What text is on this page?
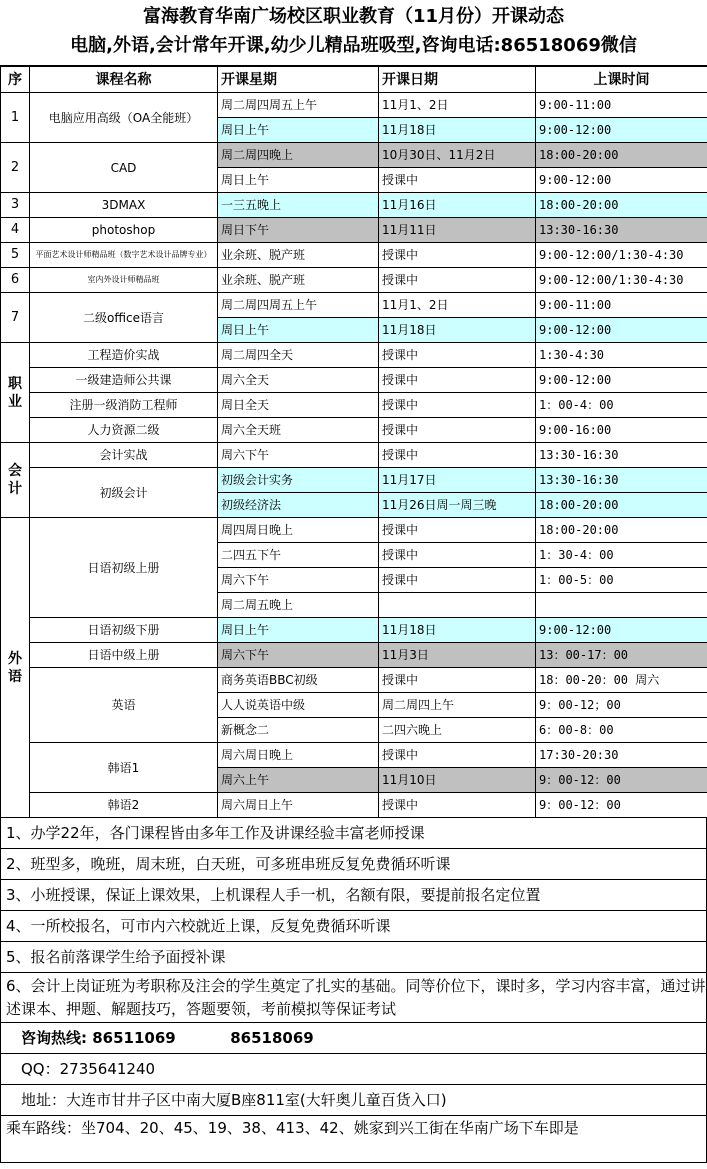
富海教育华南广场校区职业教育（11月份）开课动态
电脑,外语,会计常年开课,幼少儿精品班吸型,咨询电话:86518069微信
序	课程名称	开课星期	开课日期	上课时间
1	电脑应用高级（OA全能班）	周二周四周五上午	11月1、2日	9:00-11:00
		周日上午	11月18日	9:00-12:00
2	CAD	周二周四晚上	10月30日、11月2日	18:00-20:00
		周日上午	授课中	9:00-12:00
3	3DMAX	一三五晚上	11月16日	18:00-20:00
4	photoshop	周日下午	11月11日	13:30-16:30
5	平面艺术设计师精品班（数字艺术设计品牌专业）	业余班、脱产班	授课中	9:00-12:00/1:30-4:30
6	室内外设计师精品班	业余班、脱产班	授课中	9:00-12:00/1:30-4:30
7	二级office语言	周二周四周五上午	11月1、2日	9:00-11:00
		周日上午	11月18日	9:00-12:00
职
业	工程造价实战	周二周四全天	授课中	1:30-4:30
	一级建造师公共课	周六全天	授课中	9:00-12:00
	注册一级消防工程师	周日全天	授课中	1：00-4：00
	人力资源二级	周六全天班	授课中	9:00-16:00
会
计	会计实战	周六下午	授课中	13:30-16:30
	初级会计	初级会计实务	11月17日	13:30-16:30
		初级经济法	11月26日周一周三晚	18:00-20:00
外
语	日语初级上册	周四周日晚上	授课中	18:00-20:00
		二四五下午	授课中	1：30-4：00
		周六下午	授课中	1：00-5：00
		周二周五晚上		
	日语初级下册	周日上午	11月18日	9:00-12:00
	日语中级上册	周六下午	11月3日	13：00-17：00
	英语	商务英语BBC初级	授课中	18：00-20：00 周六
		人人说英语中级	周二周四上午	9：00-12；00
		新概念二	二四六晚上	6：00-8：00
	韩语1	周六周日晚上	授课中	17:30-20:30
		周六上午	11月10日	9：00-12：00
	韩语2	周六周日上午	授课中	9：00-12：00
1、办学22年，各门课程皆由多年工作及讲课经验丰富老师授课
2、班型多，晚班，周末班，白天班，可多班串班反复免费循环听课
3、小班授课，保证上课效果，上机课程人手一机，名额有限，要提前报名定位置
4、一所校报名，可市内六校就近上课，反复免费循环听课
5、报名前落课学生给予面授补课
6、会计上岗证班为考职称及注会的学生奠定了扎实的基础。同等价位下，课时多，学习内容丰富，通过讲述课本、押题、解题技巧，答题要领，考前模拟等保证考试
咨询热线: 86511069	86518069
QQ：2735641240
地址：大连市甘井子区中南大厦B座811室(大轩奥儿童百货入口)
乘车路线：坐704、20、45、19、38、413、42、姚家到兴工街在华南广场下车即是
